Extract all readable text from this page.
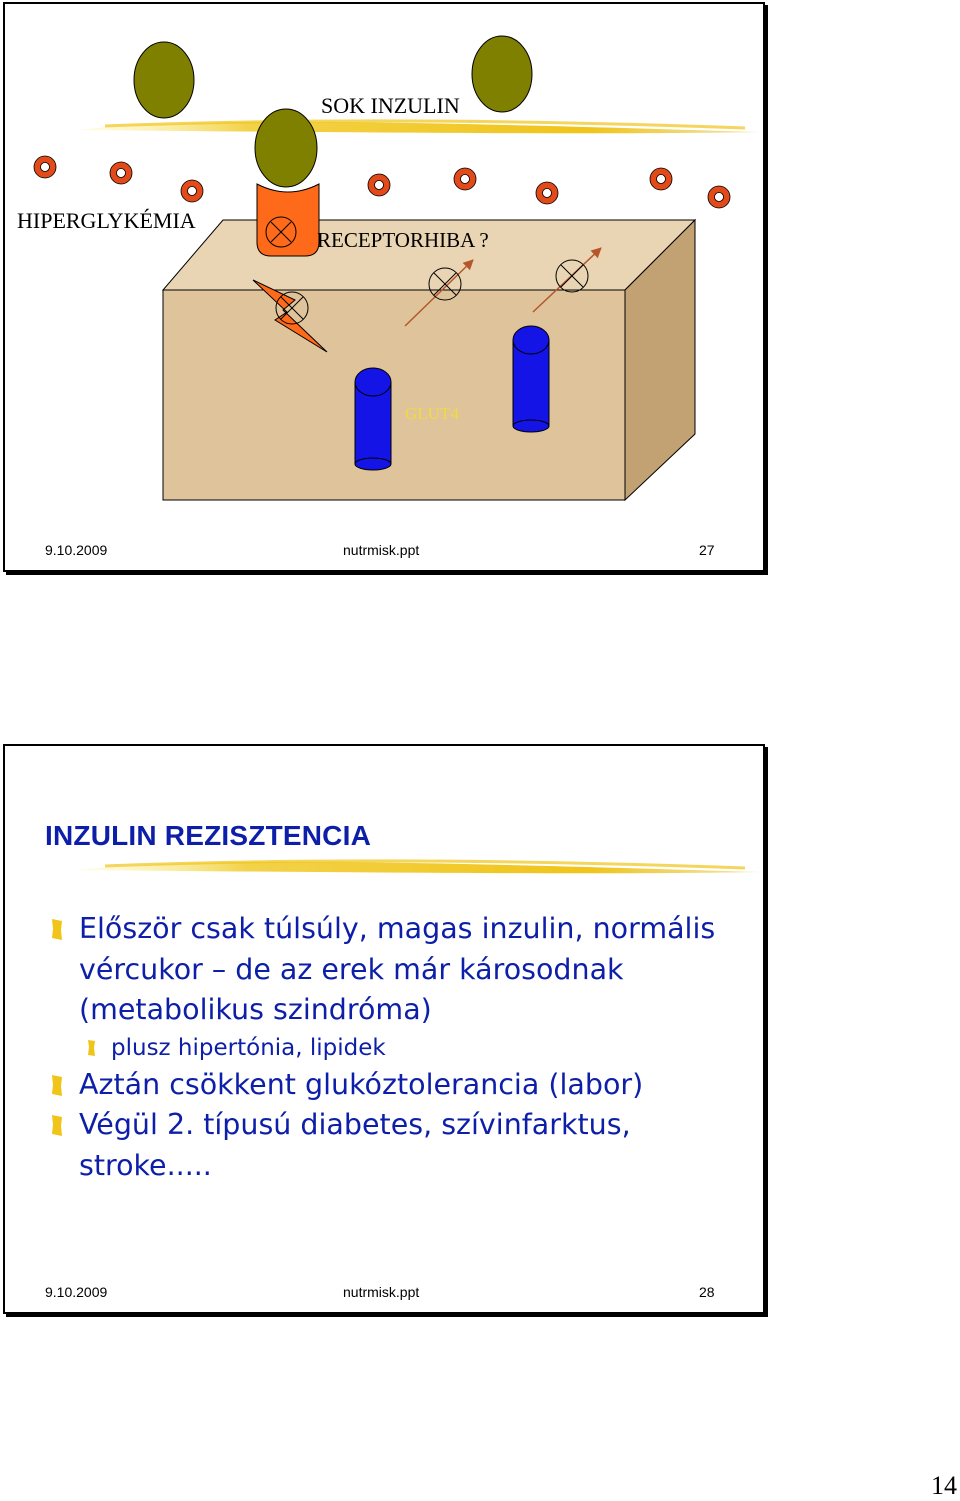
SOK INZULIN
HIPERGLYKÉMIA
RECEPTORHIBA ?
GLUT4
9.10.2009	nutrmisk.ppt	27
INZULIN REZISZTENCIA
Először csak túlsúly, magas inzulin, normális vércukor – de az erek már károsodnak (metabolikus szindróma)
plusz hipertónia, lipidek
Aztán csökkent glukóztolerancia (labor)
Végül 2. típusú diabetes, szívinfarktus, stroke.....
9.10.2009	nutrmisk.ppt	28
14
